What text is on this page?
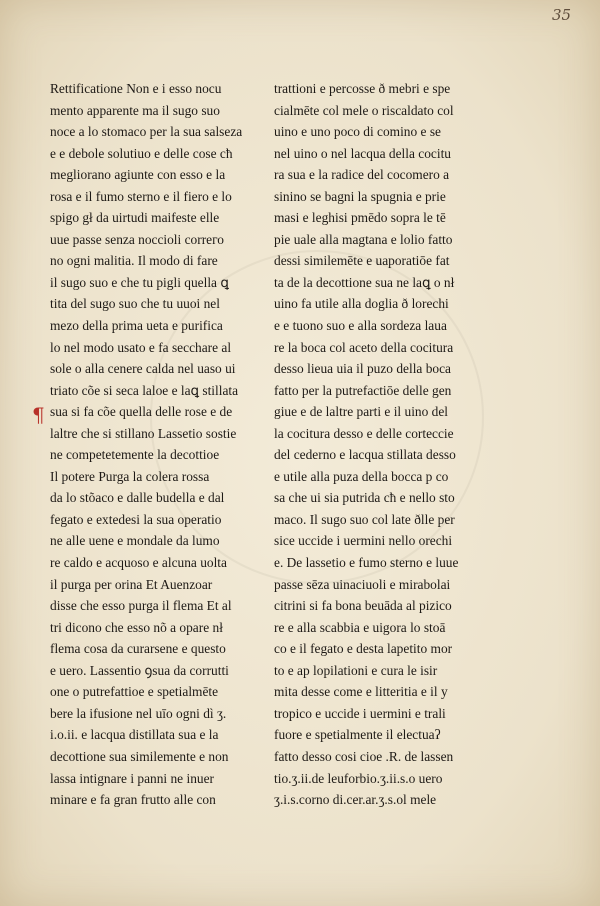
35
¶
Rettificatione Non e i esso nocu
mento apparente ma il sugo suo
noce a lo stomaco per la sua salseza
e e debole solutiuo e delle cose cħ
megliorano agiunte con esso e la
rosa e il fumo sterno e il fiero e lo
spigo gł da uirtudi maifeste elle
uue passe senza noccioli correго
no ogni malitia. Il modo di fare
il sugo suo e che tu pigli quella ꝗ
tita del sugo suo che tu uuoi nel
mezo della prima ueta e purifica
lo nel modo usato e fa secchare al
sole o alla cenere calda nel uaso ui
triato cõe si seca laloe e laꝗ stillata
sua si fa cõe quella delle rose e de
laltre che si stillano Lassetio sostie
ne competetemente la decottioe
Il potere Purga la colera rossa
da lo stõaco e dalle budella e dal
fegato e extedesi la sua operatio
ne alle uene e mondale da lumo
re caldo e acquoso e alcuna uolta
il purga per orina Et Auenzoar
disse che esso purga il flema Et al
tri dicono che esso nõ a opare nł
flema cosa da curarsene e questo
e uero. Lassentio ꝯsua da corrutti
one o putrefattioe e spetialmēte
bere la ifusione nel uīo ogni dì ʒ.
i.o.ii. e lacqua distillata sua e la
decottione sua similemente e non
lassa intignare i panni ne inuer
minare e fa gran frutto alle con
trattioni e percosse ð mebri e spe
cialmēte col mele o riscaldato col
uino e uno poco di comino e se
nel uino o nel lacqua della cocitu
ra sua e la radice del cocomero a
sinino se bagni la spugnia e prie
masi e leghisi pmēdo sopra le tē
pie uale alla magtana e lolio fatto
dessi similemēte e uaporatiōe fat
ta de la decottione sua ne laꝗ o nł
uino fa utile alla doglia ð lorechi
e e tuono suo e alla sordeza lauа
re la boca col aceto della cocitura
desso lieua uia il puzo della boca
fatto per la putrefactiōe delle gen
giue e de laltre parti e il uino del
la cocitura desso e delle corteccie
del cederno e lacqua stillata desso
e utile alla puza della bocca p co
sa che ui sia putrida cħ e nello sto
maco. Il sugo suo col late ðlle per
sice uccide i uermini nello orechi
e. De lassetio e fumo sterno e luue
passe sēza uinaciuoli e mirabolai
citrini si fa bona beuāda al pizico
re e alla scabbia e uigora lo stoā
co e il fegato e desta lapetito mor
to e ap lopilationi e cura le isir
mita desse come e litteritia e il y
tropico e uccide i uermini e trali
fuore e spetialmente il electuaʔ
fatto desso cosi cioe .R. de lassen
tio.ʒ.ii.de leuforbio.ʒ.ii.s.o uero
ʒ.i.s.corno di.cer.ar.ʒ.s.ol mele
